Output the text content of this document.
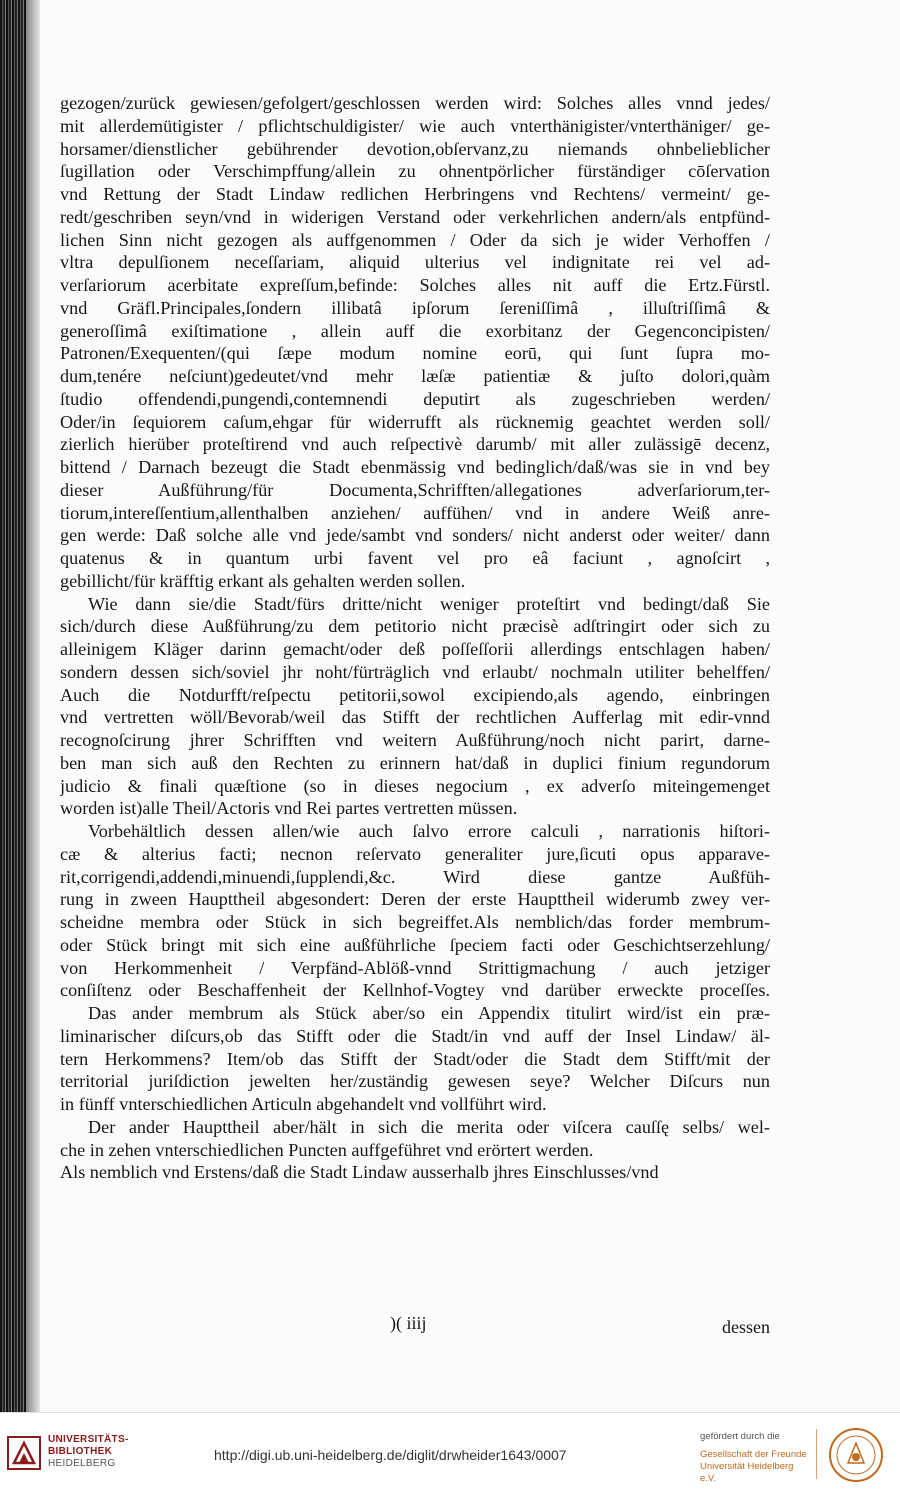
gezogen/zurück gewiesen/gefolgert/geschlossen werden wird: Solches alles vnnd jedes/
mit allerdemütigister / pflichtschuldigister/ wie auch vnterthänigister/vnterthäniger/ ge-
horsamer/dienstlicher gebührender devotion,obſervanz,zu niemands ohnbelieblicher
ſugillation oder Verschimpffung/allein zu ohnentpörlicher fürständiger cōſervation
vnd Rettung der Stadt Lindaw redlichen Herbringens vnd Rechtens/ vermeint/ ge-
redt/geschriben seyn/vnd in widerigen Verstand oder verkehrlichen andern/als entpfünd-
lichen Sinn nicht gezogen als auffgenommen / Oder da sich je wider Verhoffen /
vltra depulſionem neceſſariam, aliquid ulterius vel indignitate rei vel ad-
verſariorum acerbitate expreſſum,befinde: Solches alles nit auff die Ertz.Fürstl.
vnd Gräfl.Principales,ſondern illibatâ ipſorum ſereniſſimâ , illuſtriſſimâ &
generoſſimâ exiſtimatione , allein auff die exorbitanz der Gegenconcipisten/
Patronen/Exequenten/(qui ſæpe modum nomine eorū, qui ſunt ſupra mo-
dum,tenére neſciunt)gedeutet/vnd mehr læſæ patientiæ & juſto dolori,quàm
ſtudio offendendi,pungendi,contemnendi deputirt als zugeschrieben werden/
Oder/in ſequiorem caſum,ehgar für widerrufft als rücknemig geachtet werden soll/
zierlich hierüber proteſtirend vnd auch reſpectivè darumb/ mit aller zulässigē decenz,
bittend / Darnach bezeugt die Stadt ebenmässig vnd bedinglich/daß/was sie in vnd bey
dieser Außführung/für Documenta,Schrifften/allegationes adverſariorum,ter-
tiorum,intereſſentium,allenthalben anziehen/ auffühen/ vnd in andere Weiß anre-
gen werde: Daß solche alle vnd jede/sambt vnd sonders/ nicht anderst oder weiter/ dann
quatenus & in quantum urbi favent vel pro eâ faciunt , agnoſcirt ,
gebillicht/für kräfftig erkant als gehalten werden sollen.
Wie dann sie/die Stadt/fürs dritte/nicht weniger proteſtirt vnd bedingt/daß Sie
sich/durch diese Außführung/zu dem petitorio nicht præcisè adſtringirt oder sich zu
alleinigem Kläger darinn gemacht/oder deß poſſeſſorii allerdings entschlagen haben/
sondern dessen sich/soviel jhr noht/fürträglich vnd erlaubt/ nochmaln utiliter behelffen/
Auch die Notdurfft/reſpectu petitorii,sowol excipiendo,als agendo, einbringen
vnd vertretten wöll/Bevorab/weil das Stifft der rechtlichen Aufferlag mit edir-vnnd
recognoſcirung jhrer Schrifften vnd weitern Außführung/noch nicht parirt, darne-
ben man sich auß den Rechten zu erinnern hat/daß in duplici finium regundorum
judicio & finali quæſtione (so in dieses negocium , ex adverſo miteingemenget
worden ist)alle Theil/Actoris vnd Rei partes vertretten müssen.
Vorbehältlich dessen allen/wie auch ſalvo errore calculi , narrationis hiſtori-
cæ & alterius facti; necnon reſervato generaliter jure,ſicuti opus apparave-
rit,corrigendi,addendi,minuendi,ſupplendi,&c. Wird diese gantze Außfüh-
rung in zween Haupttheil abgesondert: Deren der erste Haupttheil widerumb zwey ver-
scheidne membra oder Stück in sich begreiffet.Als nemblich/das forder membrum-
oder Stück bringt mit sich eine außführliche ſpeciem facti oder Geschichtserzehlung/
von Herkommenheit / Verpfänd-Ablöß-vnnd Strittigmachung / auch jetziger
conſiſtenz oder Beschaffenheit der Kellnhof-Vogtey vnd darüber erweckte proceſſes.
Das ander membrum als Stück aber/so ein Appendix titulirt wird/ist ein præ-
liminarischer diſcurs,ob das Stifft oder die Stadt/in vnd auff der Insel Lindaw/ äl-
tern Herkommens? Item/ob das Stifft der Stadt/oder die Stadt dem Stifft/mit der
territorial juriſdiction jewelten her/zuständig gewesen seye? Welcher Diſcurs nun
in fünff vnterschiedlichen Articuln abgehandelt vnd vollführt wird.
Der ander Haupttheil aber/hält in sich die merita oder viſcera cauſſę selbs/ wel-
che in zehen vnterschiedlichen Puncten auffgeführet vnd erörtert werden.
Als nemblich vnd Erstens/daß die Stadt Lindaw ausserhalb jhres Einschlusses/vnd
)( iiij	dessen
UNIVERSITÄTS-
BIBLIOTHEK
HEIDELBERG
http://digi.ub.uni-heidelberg.de/diglit/drwheider1643/0007
gefördert durch die
Gesellschaft der Freunde
Universität Heidelberg e.V.
